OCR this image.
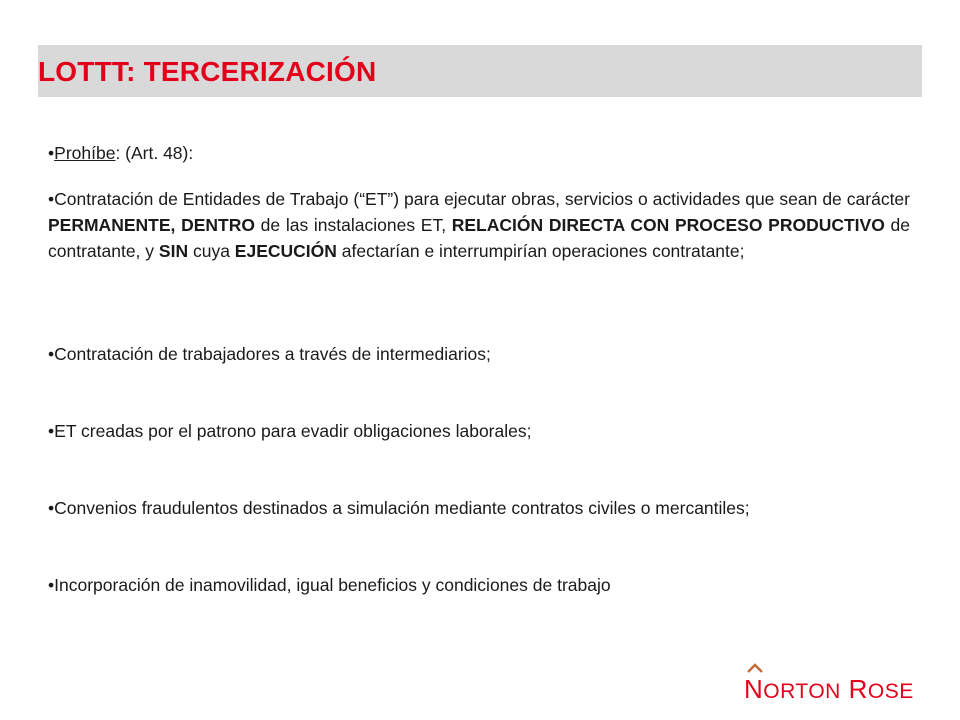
LOTTT: TERCERIZACIÓN

•Prohíbe: (Art. 48):

•Contratación de Entidades de Trabajo (“ET”) para ejecutar obras, servicios o actividades que sean de carácter PERMANENTE, DENTRO de las instalaciones ET, RELACIÓN DIRECTA CON PROCESO PRODUCTIVO de contratante, y SIN cuya EJECUCIÓN afectarían e interrumpirían operaciones contratante;

•Contratación de trabajadores a través de intermediarios;

•ET creadas por el patrono para evadir obligaciones laborales;

•Convenios fraudulentos destinados a simulación mediante contratos civiles o mercantiles;

•Incorporación de inamovilidad, igual beneficios y condiciones de trabajo

NORTON ROSE
